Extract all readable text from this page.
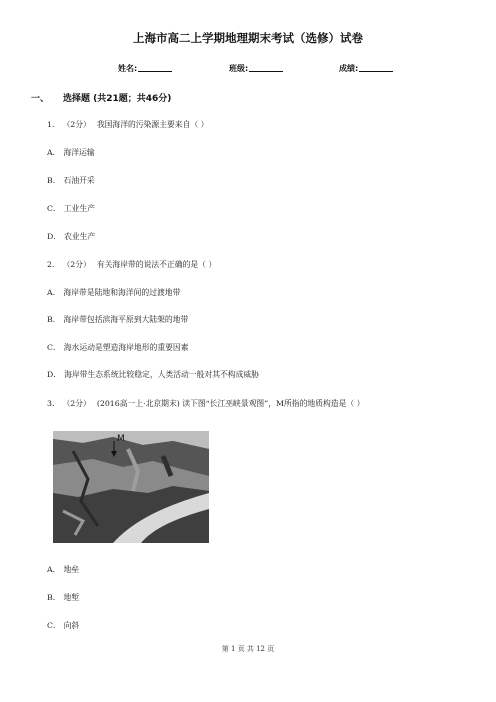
上海市高二上学期地理期末考试（选修）试卷
姓名:	班级:	成绩:
一、 选择题 (共21题；共46分)
1. （2分） 我国海洋的污染源主要来自（ ）
A． 海洋运输
B． 石油开采
C． 工业生产
D． 农业生产
2. （2分） 有关海岸带的说法不正确的是（ ）
A． 海岸带是陆地和海洋间的过渡地带
B． 海岸带包括滨海平原到大陆架的地带
C． 海水运动是塑造海岸地形的重要因素
D． 海岸带生态系统比较稳定，人类活动一般对其不构成威胁
3. （2分） (2016高一上·北京期末) 读下图“长江巫峡景观图”，M所指的地质构造是（ ）
M
A． 地垒
B． 地堑
C． 向斜
第 1 页 共 12 页
